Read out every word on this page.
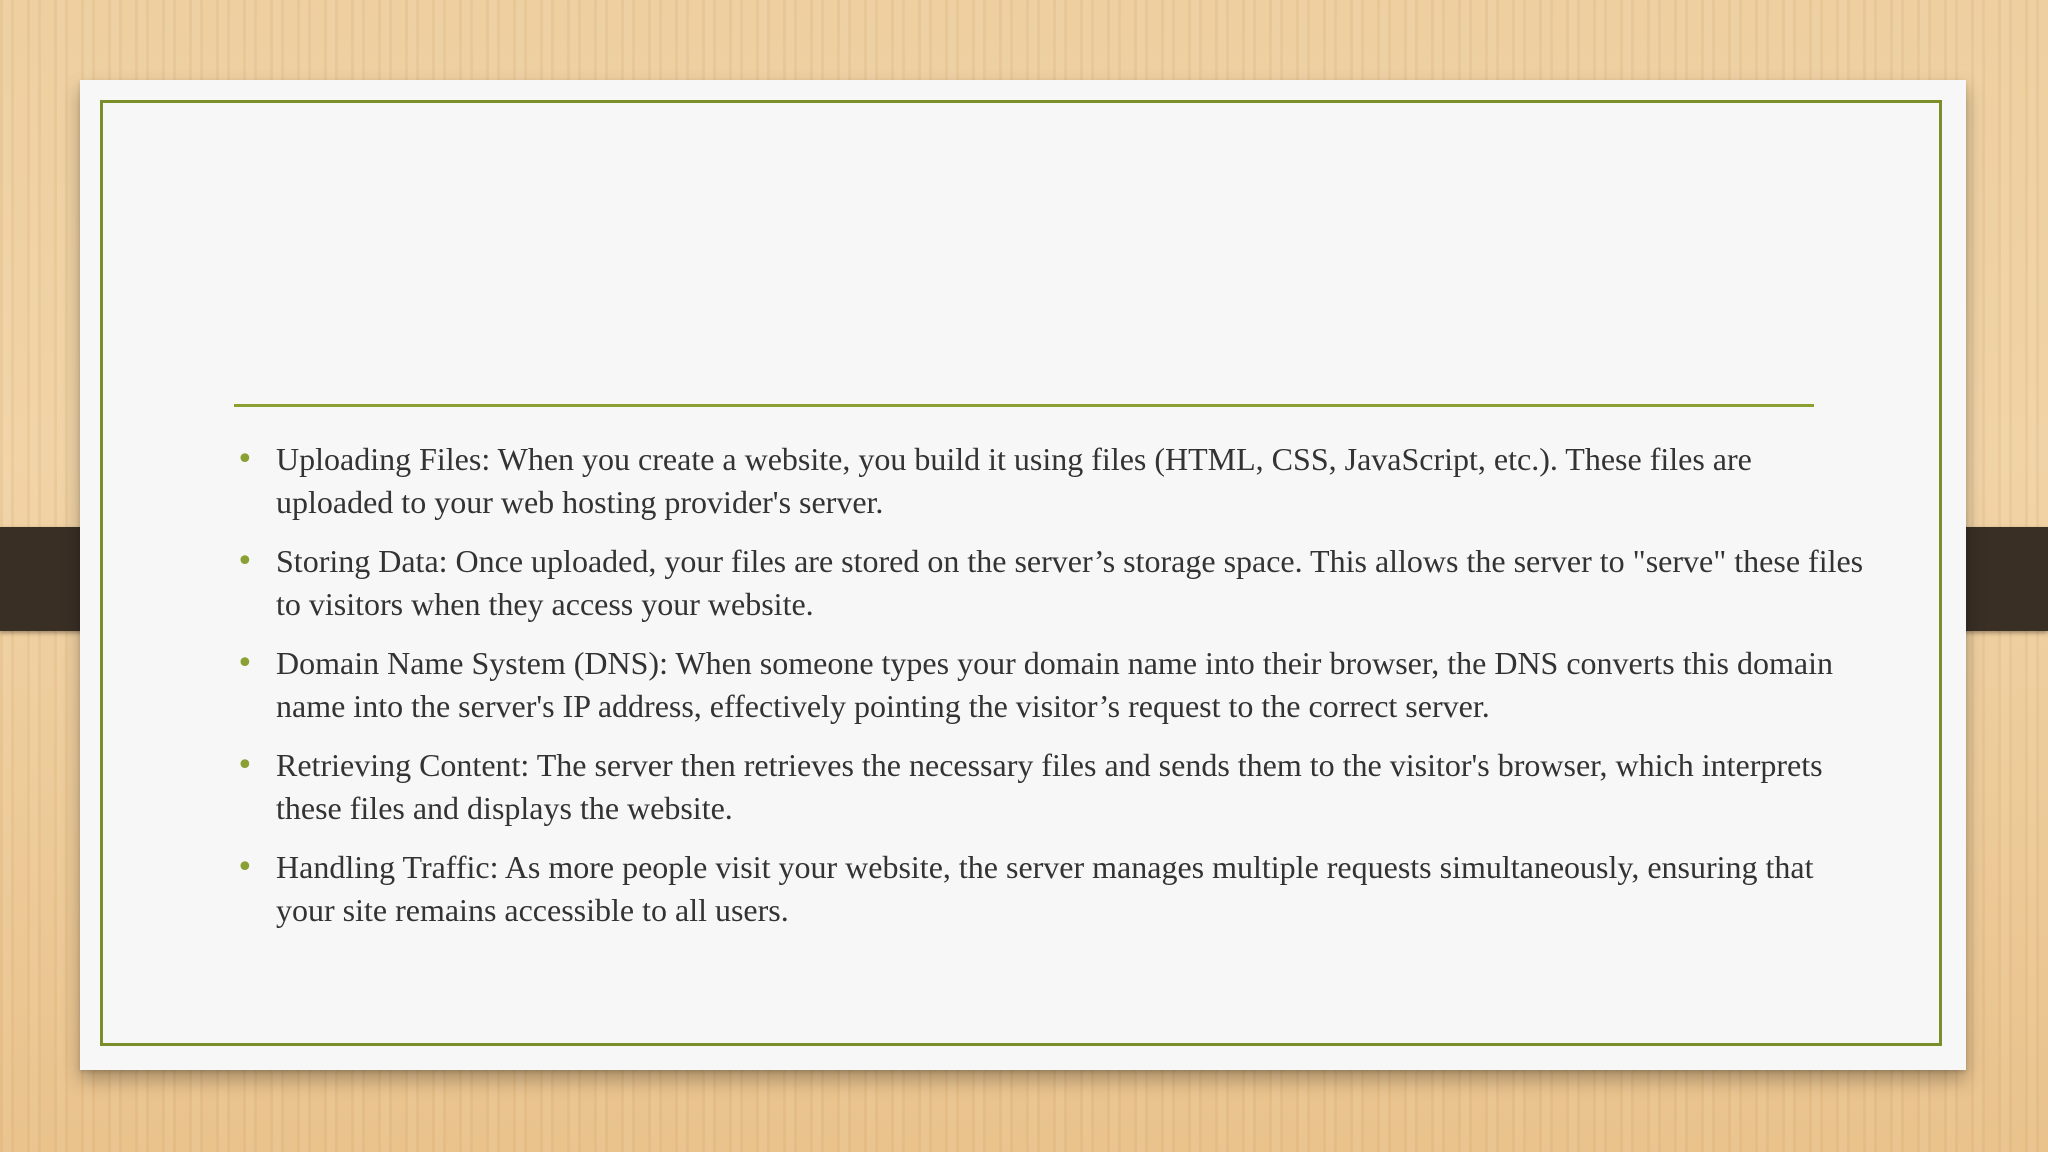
• Uploading Files: When you create a website, you build it using files (HTML, CSS, JavaScript, etc.). These files are uploaded to your web hosting provider's server.
• Storing Data: Once uploaded, your files are stored on the server’s storage space. This allows the server to "serve" these files to visitors when they access your website.
• Domain Name System (DNS): When someone types your domain name into their browser, the DNS converts this domain name into the server's IP address, effectively pointing the visitor’s request to the correct server.
• Retrieving Content: The server then retrieves the necessary files and sends them to the visitor's browser, which interprets these files and displays the website.
• Handling Traffic: As more people visit your website, the server manages multiple requests simultaneously, ensuring that your site remains accessible to all users.
